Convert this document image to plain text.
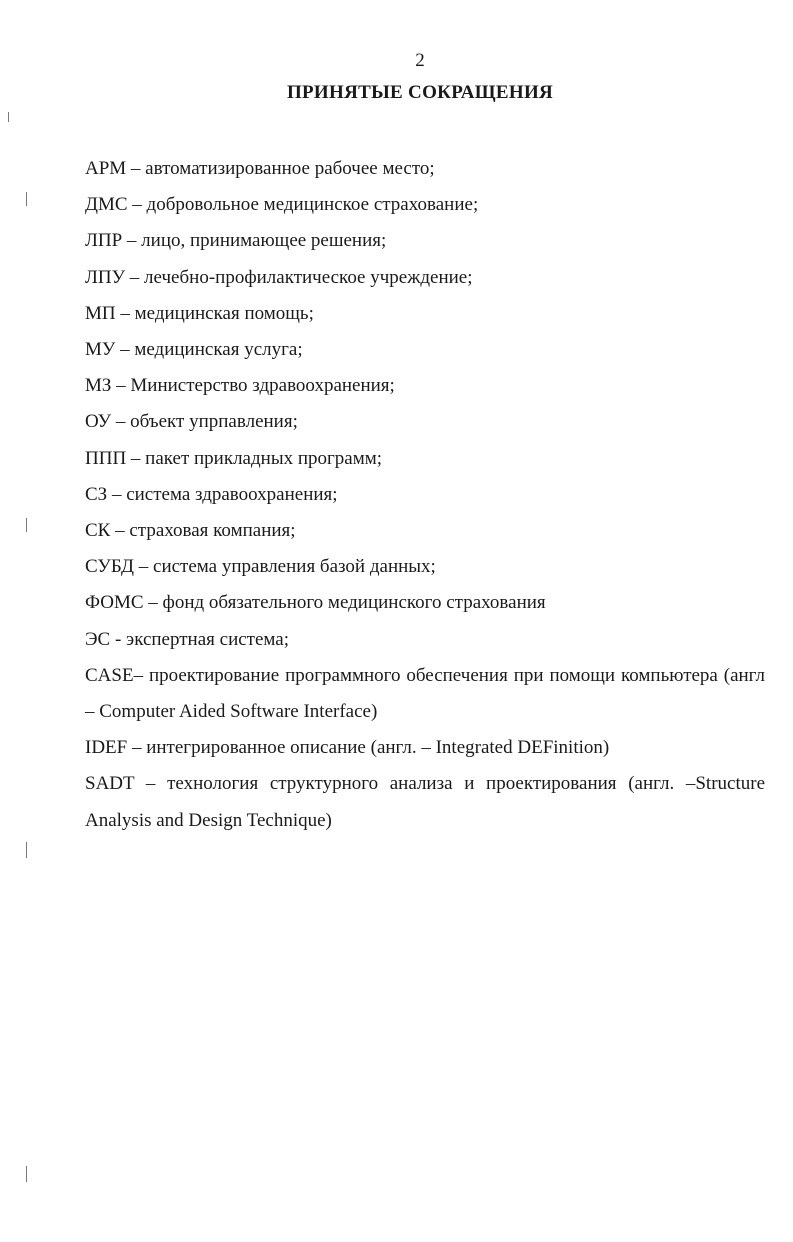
2
ПРИНЯТЫЕ СОКРАЩЕНИЯ
АРМ – автоматизированное рабочее место;
ДМС – добровольное медицинское страхование;
ЛПР – лицо, принимающее решения;
ЛПУ – лечебно-профилактическое учреждение;
МП – медицинская помощь;
МУ – медицинская услуга;
МЗ – Министерство здравоохранения;
ОУ – объект упрпавления;
ППП – пакет прикладных программ;
СЗ – система здравоохранения;
СК – страховая компания;
СУБД – система управления базой данных;
ФОМС – фонд обязательного медицинского страхования
ЭС - экспертная система;
CASE– проектирование программного обеспечения при помощи компьютера (англ – Computer Aided Software Interface)
IDEF – интегрированное описание (англ. – Integrated DEFinition)
SADT – технология структурного анализа и проектирования (англ. –Structure Analysis and Design Technique)
